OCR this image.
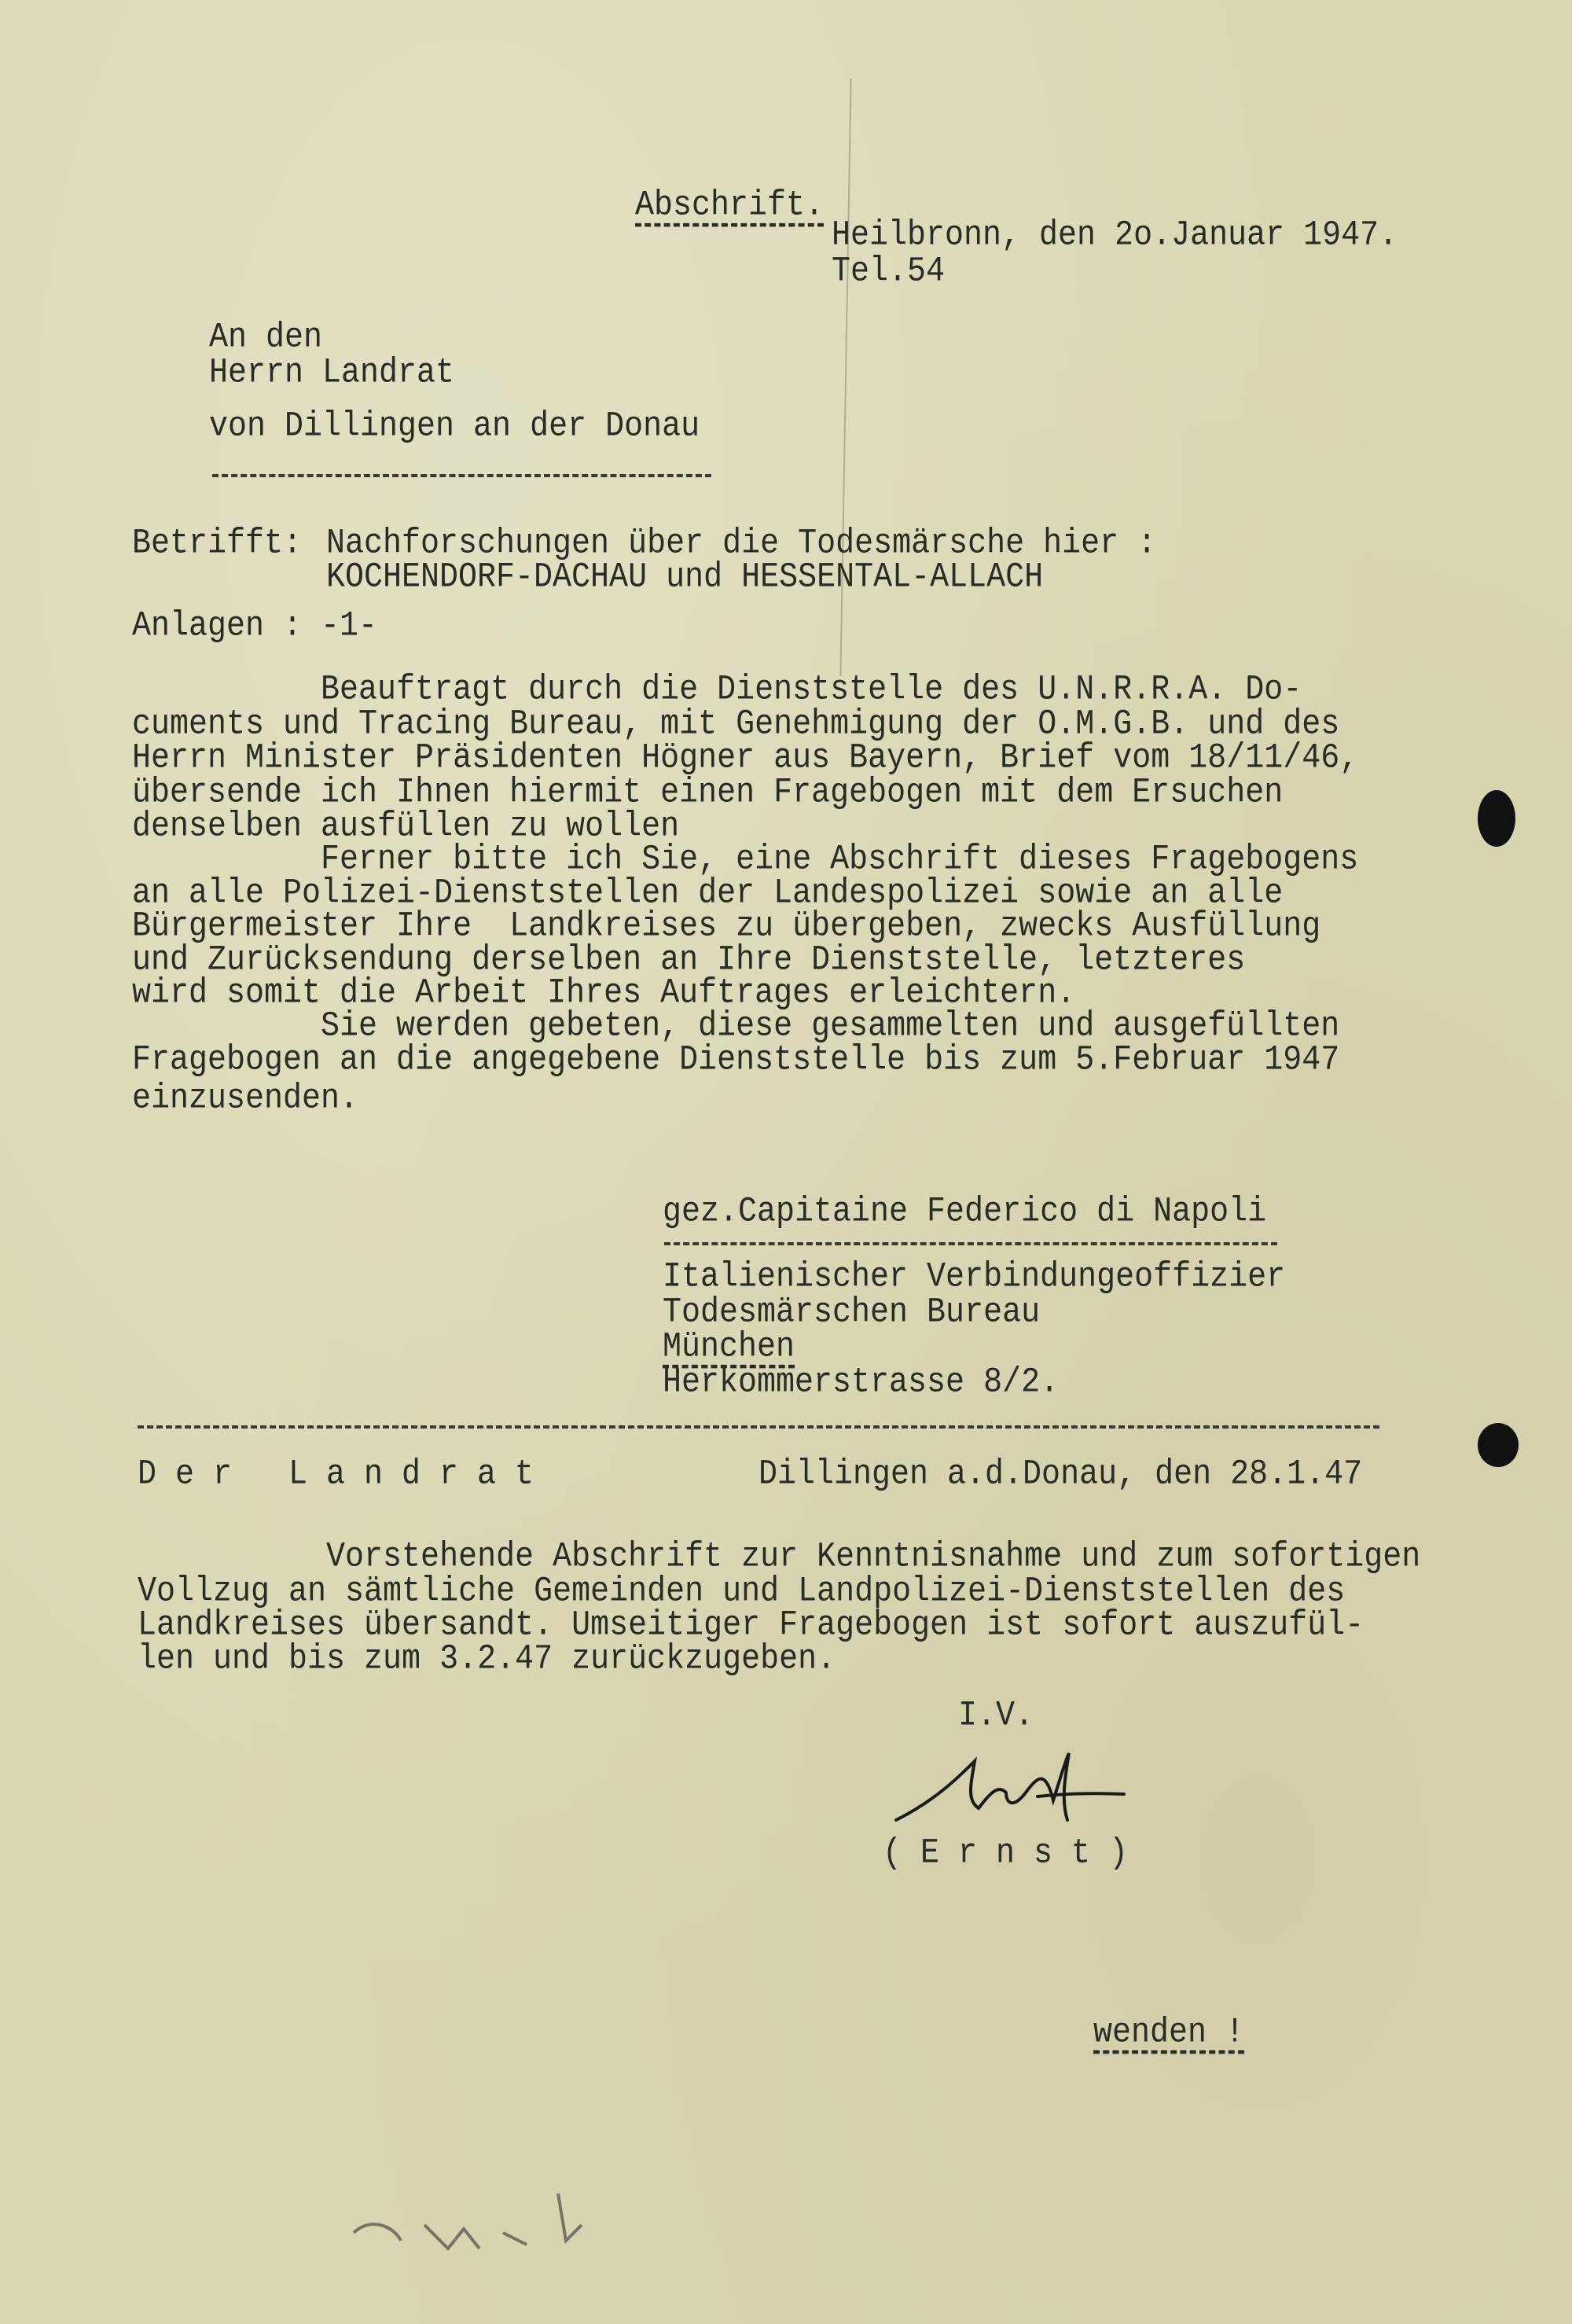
Abschrift.
Heilbronn, den 2o.Januar 1947.
Tel.54
An den
Herrn Landrat
von Dillingen an der Donau
Betrifft: Nachforschungen über die Todesmärsche hier :
KOCHENDORF-DACHAU und HESSENTAL-ALLACH
Anlagen : -1-
Beauftragt durch die Dienststelle des U.N.R.R.A. Do-
cuments und Tracing Bureau, mit Genehmigung der O.M.G.B. und des
Herrn Minister Präsidenten Högner aus Bayern, Brief vom 18/11/46,
übersende ich Ihnen hiermit einen Fragebogen mit dem Ersuchen
denselben ausfüllen zu wollen
Ferner bitte ich Sie, eine Abschrift dieses Fragebogens
an alle Polizei-Dienststellen der Landespolizei sowie an alle
Bürgermeister Ihre  Landkreises zu übergeben, zwecks Ausfüllung
und Zurücksendung derselben an Ihre Dienststelle, letzteres
wird somit die Arbeit Ihres Auftrages erleichtern.
Sie werden gebeten, diese gesammelten und ausgefüllten
Fragebogen an die angegebene Dienststelle bis zum 5.Februar 1947
einzusenden.
gez.Capitaine Federico di Napoli
Italienischer Verbindungeoffizier
Todesmärschen Bureau
München
Herkommerstrasse 8/2.
Der Landrat	Dillingen a.d.Donau, den 28.1.47
Vorstehende Abschrift zur Kenntnisnahme und zum sofortigen
Vollzug an sämtliche Gemeinden und Landpolizei-Dienststellen des
Landkreises übersandt. Umseitiger Fragebogen ist sofort auszufül-
len und bis zum 3.2.47 zurückzugeben.
I.V.
( E r n s t )
wenden !
